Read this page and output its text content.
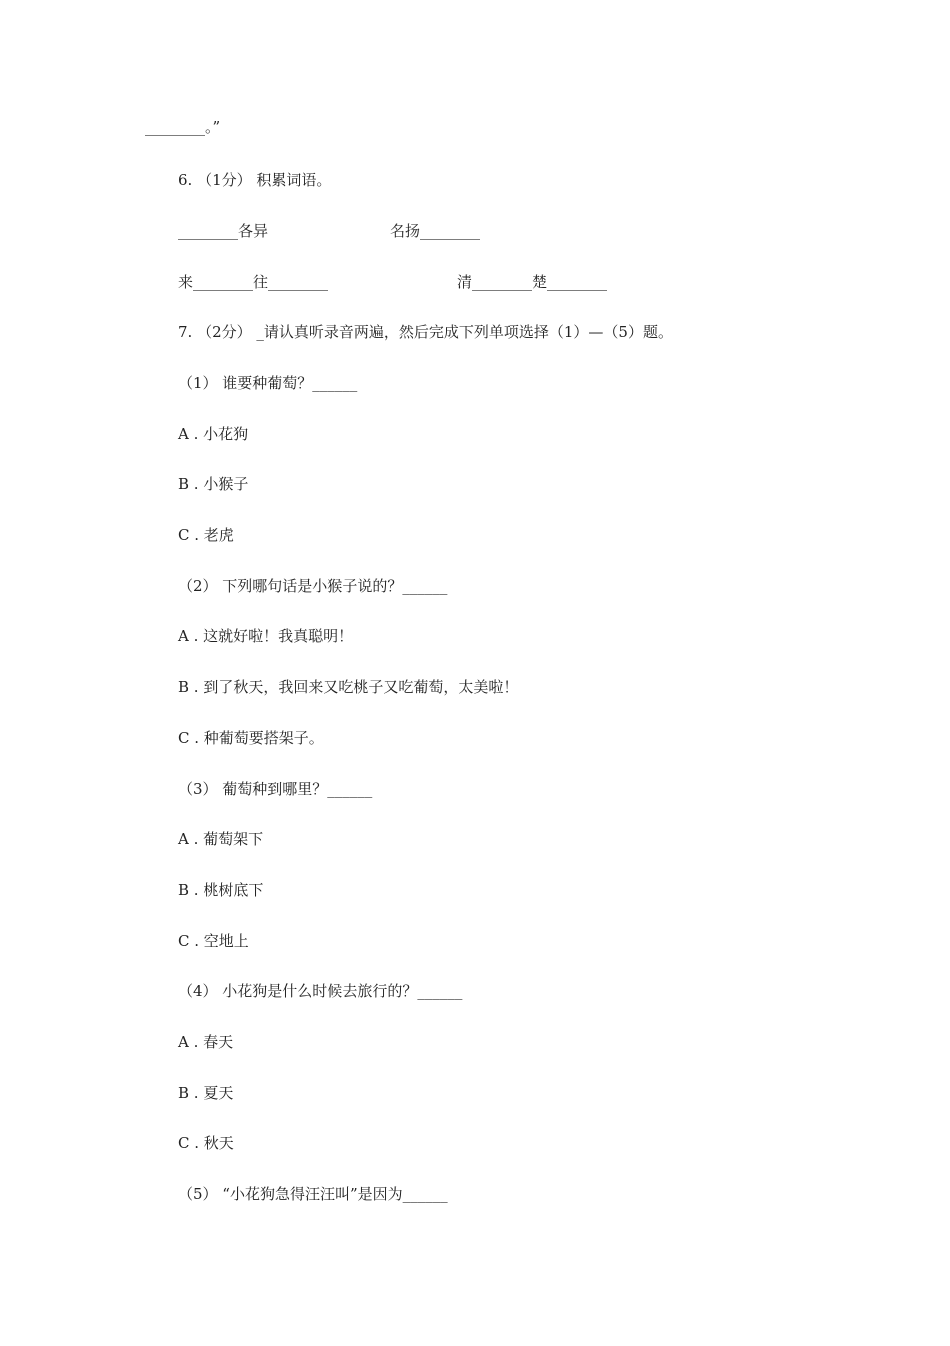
________。”
6. （1分） 积累词语。
________各异	名扬________
来________往________	清________楚________
7. （2分） _请认真听录音两遍，然后完成下列单项选择（1）—（5）题。
（1） 谁要种葡萄？______
A . 小花狗
B . 小猴子
C . 老虎
（2） 下列哪句话是小猴子说的？______
A . 这就好啦！我真聪明！
B . 到了秋天，我回来又吃桃子又吃葡萄，太美啦！
C . 种葡萄要搭架子。
（3） 葡萄种到哪里？______
A . 葡萄架下
B . 桃树底下
C . 空地上
（4） 小花狗是什么时候去旅行的？______
A . 春天
B . 夏天
C . 秋天
（5） “小花狗急得汪汪叫”是因为______
